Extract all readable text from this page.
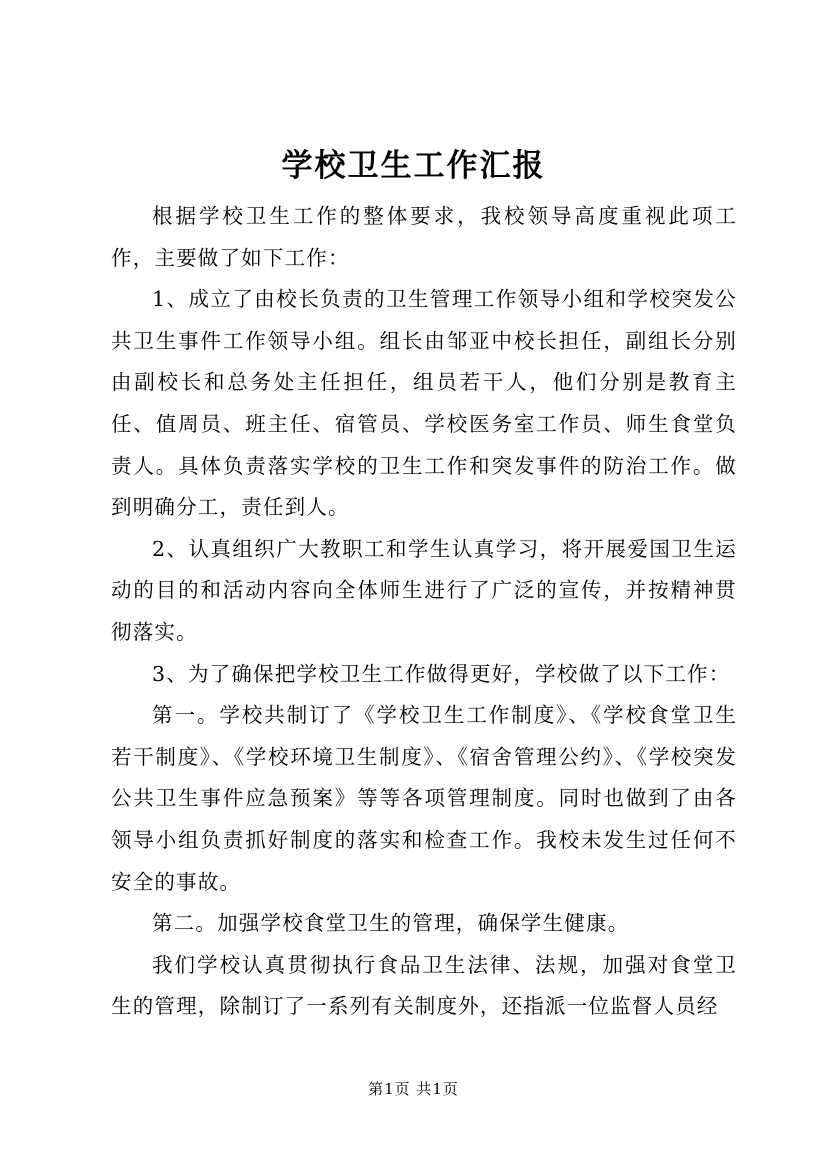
学校卫生工作汇报

根据学校卫生工作的整体要求，我校领导高度重视此项工作，主要做了如下工作：

1、成立了由校长负责的卫生管理工作领导小组和学校突发公共卫生事件工作领导小组。组长由邹亚中校长担任，副组长分别由副校长和总务处主任担任，组员若干人，他们分别是教育主任、值周员、班主任、宿管员、学校医务室工作员、师生食堂负责人。具体负责落实学校的卫生工作和突发事件的防治工作。做到明确分工，责任到人。

2、认真组织广大教职工和学生认真学习，将开展爱国卫生运动的目的和活动内容向全体师生进行了广泛的宣传，并按精神贯彻落实。

3、为了确保把学校卫生工作做得更好，学校做了以下工作：

第一。学校共制订了《学校卫生工作制度》、《学校食堂卫生若干制度》、《学校环境卫生制度》、《宿舍管理公约》、《学校突发公共卫生事件应急预案》等等各项管理制度。同时也做到了由各领导小组负责抓好制度的落实和检查工作。我校未发生过任何不安全的事故。

第二。加强学校食堂卫生的管理，确保学生健康。

我们学校认真贯彻执行食品卫生法律、法规，加强对食堂卫生的管理，除制订了一系列有关制度外，还指派一位监督人员经

第1页 共1页
